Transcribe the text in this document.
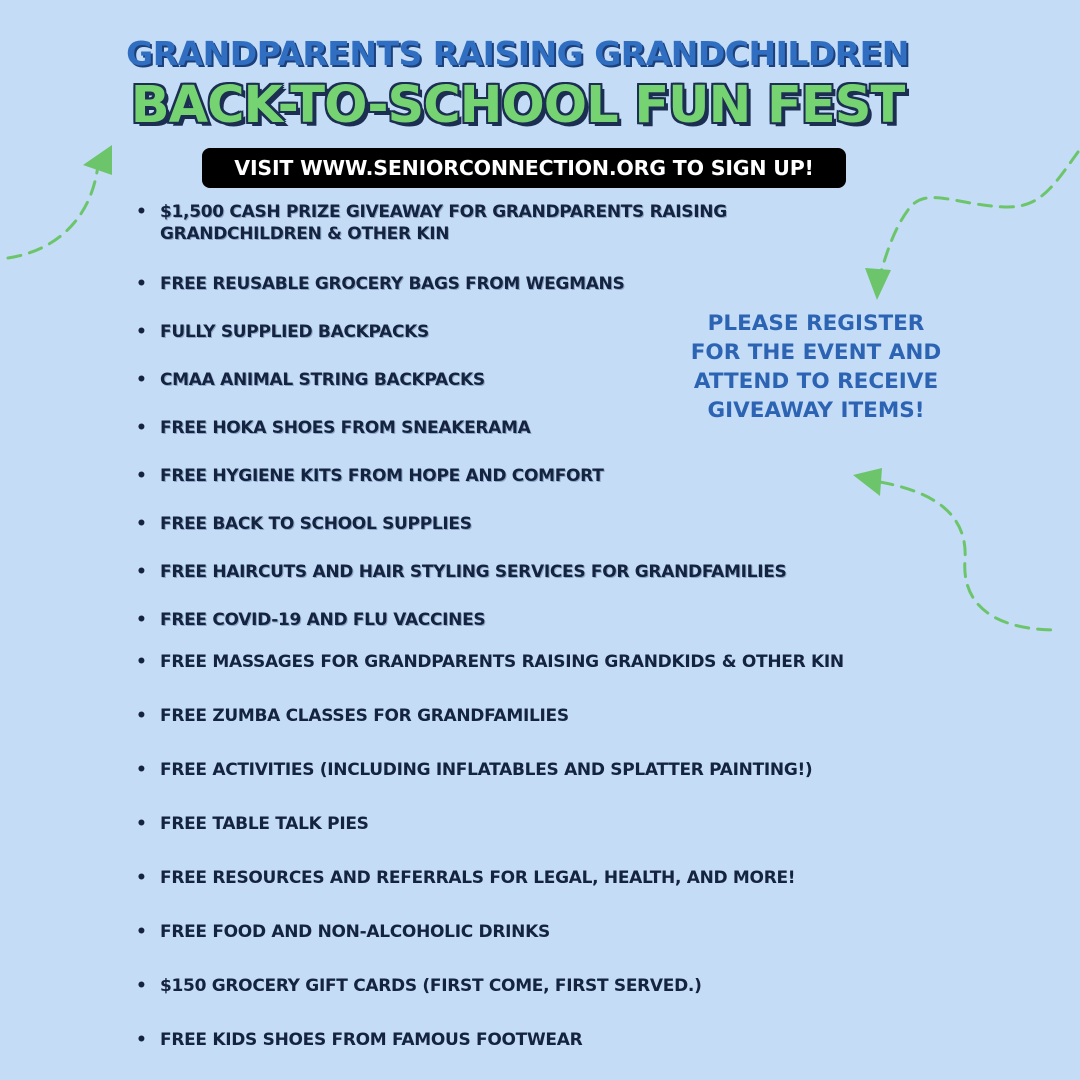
GRANDPARENTS RAISING GRANDCHILDREN
BACK-TO-SCHOOL FUN FEST
VISIT WWW.SENIORCONNECTION.ORG TO SIGN UP!
• $1,500 CASH PRIZE GIVEAWAY FOR GRANDPARENTS RAISING GRANDCHILDREN & OTHER KIN
• FREE REUSABLE GROCERY BAGS FROM WEGMANS
• FULLY SUPPLIED BACKPACKS
• CMAA ANIMAL STRING BACKPACKS
• FREE HOKA SHOES FROM SNEAKERAMA
• FREE HYGIENE KITS FROM HOPE AND COMFORT
• FREE BACK TO SCHOOL SUPPLIES
• FREE HAIRCUTS AND HAIR STYLING SERVICES FOR GRANDFAMILIES
• FREE COVID-19 AND FLU VACCINES
• FREE MASSAGES FOR GRANDPARENTS RAISING GRANDKIDS & OTHER KIN
• FREE ZUMBA CLASSES FOR GRANDFAMILIES
• FREE ACTIVITIES (INCLUDING INFLATABLES AND SPLATTER PAINTING!)
• FREE TABLE TALK PIES
• FREE RESOURCES AND REFERRALS FOR LEGAL, HEALTH, AND MORE!
• FREE FOOD AND NON-ALCOHOLIC DRINKS
• $150 GROCERY GIFT CARDS (FIRST COME, FIRST SERVED.)
• FREE KIDS SHOES FROM FAMOUS FOOTWEAR
PLEASE REGISTER FOR THE EVENT AND ATTEND TO RECEIVE GIVEAWAY ITEMS!
